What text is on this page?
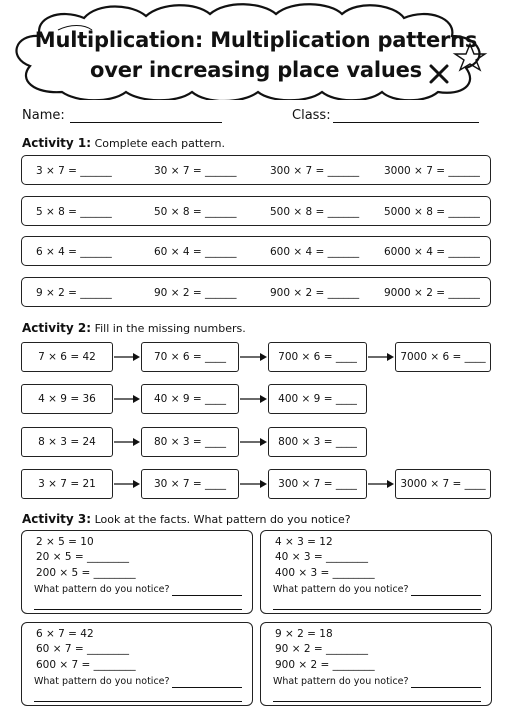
Multiplication: Multiplication patterns
over increasing place values
Name:	Class:
Activity 1: Complete each pattern.
3 × 7 = ______	30 × 7 = ______	300 × 7 = ______ 3000 × 7 = ______
5 × 8 = ______	50 × 8 = ______	500 × 8 = ______ 5000 × 8 = ______
6 × 4 = ______	60 × 4 = ______	600 × 4 = ______ 6000 × 4 = ______
9 × 2 = ______	90 × 2 = ______	900 × 2 = ______ 9000 × 2 = ______
Activity 2: Fill in the missing numbers.
7 × 6 = 42	70 × 6 = ____	700 × 6 = ____	7000 × 6 = ____
4 × 9 = 36	40 × 9 = ____	400 × 9 = ____
8 × 3 = 24	80 × 3 = ____	800 × 3 = ____
3 × 7 = 21	30 × 7 = ____	300 × 7 = ____	3000 × 7 = ____
Activity 3: Look at the facts. What pattern do you notice?
2 × 5 = 10
20 × 5 = ________
200 × 5 = ________
What pattern do you notice?
4 × 3 = 12
40 × 3 = ________
400 × 3 = ________
What pattern do you notice?
6 × 7 = 42
60 × 7 = ________
600 × 7 = ________
What pattern do you notice?
9 × 2 = 18
90 × 2 = ________
900 × 2 = ________
What pattern do you notice?
